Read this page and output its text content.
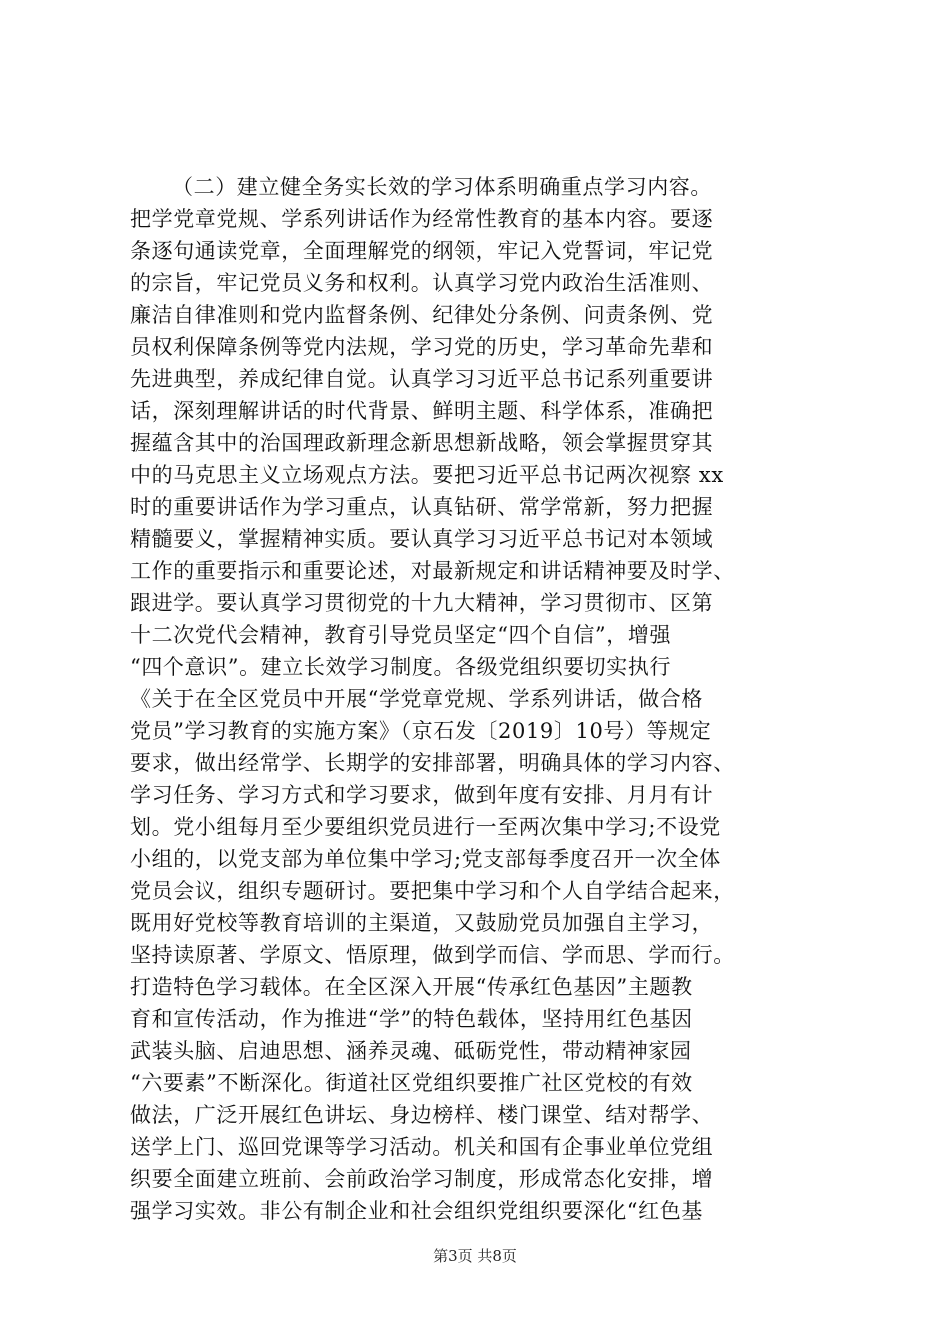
（二）建立健全务实长效的学习体系明确重点学习内容。
把学党章党规、学系列讲话作为经常性教育的基本内容。要逐
条逐句通读党章，全面理解党的纲领，牢记入党誓词，牢记党
的宗旨，牢记党员义务和权利。认真学习党内政治生活准则、
廉洁自律准则和党内监督条例、纪律处分条例、问责条例、党
员权利保障条例等党内法规，学习党的历史，学习革命先辈和
先进典型，养成纪律自觉。认真学习习近平总书记系列重要讲
话，深刻理解讲话的时代背景、鲜明主题、科学体系，准确把
握蕴含其中的治国理政新理念新思想新战略，领会掌握贯穿其
中的马克思主义立场观点方法。要把习近平总书记两次视察 xx
时的重要讲话作为学习重点，认真钻研、常学常新，努力把握
精髓要义，掌握精神实质。要认真学习习近平总书记对本领域
工作的重要指示和重要论述，对最新规定和讲话精神要及时学、
跟进学。要认真学习贯彻党的十九大精神，学习贯彻市、区第
十二次党代会精神，教育引导党员坚定“四个自信”，增强
“四个意识”。建立长效学习制度。各级党组织要切实执行
《关于在全区党员中开展“学党章党规、学系列讲话，做合格
党员”学习教育的实施方案》（京石发〔2019〕10号）等规定
要求，做出经常学、长期学的安排部署，明确具体的学习内容、
学习任务、学习方式和学习要求，做到年度有安排、月月有计
划。党小组每月至少要组织党员进行一至两次集中学习;不设党
小组的，以党支部为单位集中学习;党支部每季度召开一次全体
党员会议，组织专题研讨。要把集中学习和个人自学结合起来，
既用好党校等教育培训的主渠道，又鼓励党员加强自主学习，
坚持读原著、学原文、悟原理，做到学而信、学而思、学而行。
打造特色学习载体。在全区深入开展“传承红色基因”主题教
育和宣传活动，作为推进“学”的特色载体，坚持用红色基因
武装头脑、启迪思想、涵养灵魂、砥砺党性，带动精神家园
“六要素”不断深化。街道社区党组织要推广社区党校的有效
做法，广泛开展红色讲坛、身边榜样、楼门课堂、结对帮学、
送学上门、巡回党课等学习活动。机关和国有企事业单位党组
织要全面建立班前、会前政治学习制度，形成常态化安排，增
强学习实效。非公有制企业和社会组织党组织要深化“红色基
第3页 共8页
